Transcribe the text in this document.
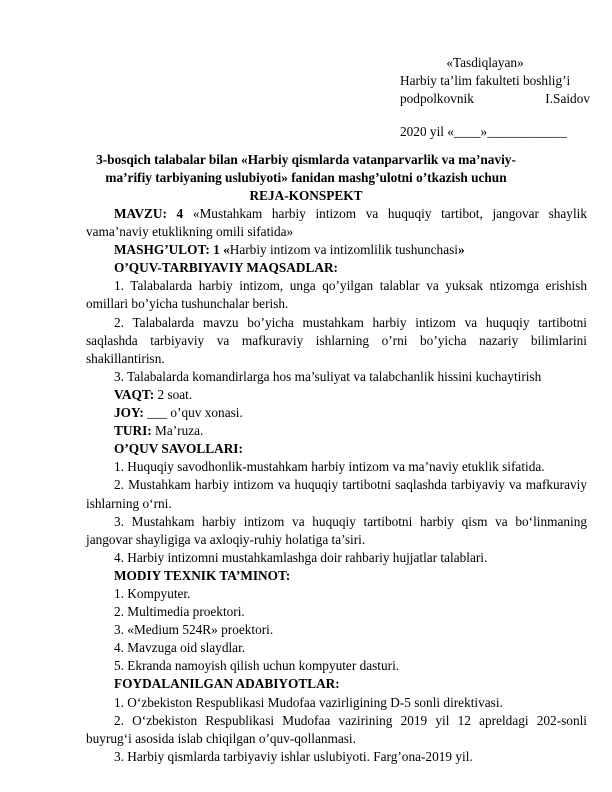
«Tasdiqlayan»
Harbiy ta’lim fakulteti boshlig’i
podpolkovnik	I.Saidov
2020 yil «____»____________
3-bosqich talabalar bilan «Harbiy qismlarda vatanparvarlik va ma’naviy-
ma’rifiy tarbiyaning uslubiyoti» fanidan mashg’ulotni o’tkazish uchun
REJA-KONSPEKT

MAVZU: 4 «Mustahkam harbiy intizom va huquqiy tartibot, jangovar shaylik vama’naviy etuklikning omili sifatida»

MASHG’ULOT: 1 «Harbiy intizom va intizomlilik tushunchasi»

O’QUV-TARBIYAVIY MAQSADLAR:

1. Talabalarda harbiy intizom, unga qo’yilgan talablar va yuksak ntizomga erishish omillari bo’yicha tushunchalar berish.

2. Talabalarda mavzu bo’yicha mustahkam harbiy intizom va huquqiy tartibotni saqlashda tarbiyaviy va mafkuraviy ishlarning o’rni bo’yicha nazariy bilimlarini shakillantirisn.

3. Talabalarda komandirlarga hos ma’suliyat va talabchanlik hissini kuchaytirish

VAQT: 2 soat.

JOY: ___ o’quv xonasi.

TURI: Ma’ruza.

O’QUV SAVOLLARI:

1. Huquqiy savodhonlik-mustahkam harbiy intizom va ma’naviy etuklik sifatida.

2. Mustahkam harbiy intizom va huquqiy tartibotni saqlashda tarbiyaviy va mafkuraviy ishlarning o‘rni.

3. Mustahkam harbiy intizom va huquqiy tartibotni harbiy qism va bo‘linmaning jangovar shayligiga va axloqiy-ruhiy holatiga ta’siri.

4. Harbiy intizomni mustahkamlashga doir rahbariy hujjatlar talablari.

MODIY TEXNIK TA’MINOT:

1. Kompyuter.

2. Multimedia proektori.

3. «Medium 524R» proektori.

4. Mavzuga oid slaydlar.

5. Ekranda namoyish qilish uchun kompyuter dasturi.

FOYDALANILGAN ADABIYOTLAR:

1. O‘zbekiston Respublikasi Mudofaa vazirligining D-5 sonli direktivasi.

2. O‘zbekiston Respublikasi Mudofaa vazirining 2019 yil 12 apreldagi 202-sonli buyrug‘i asosida islab chiqilgan o’quv-qollanmasi.

3. Harbiy qismlarda tarbiyaviy ishlar uslubiyoti. Farg’ona-2019 yil.
